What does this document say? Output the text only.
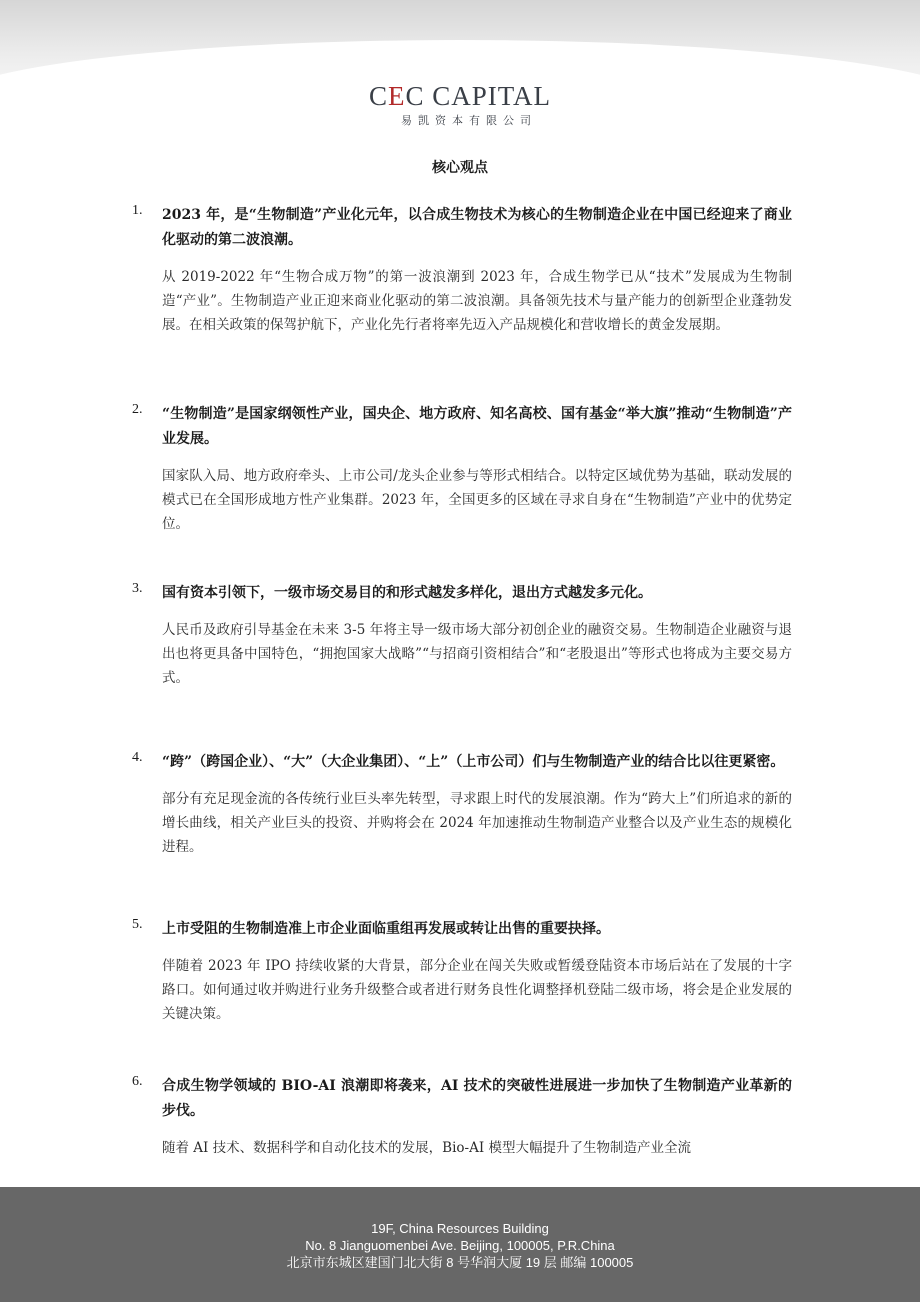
CEC CAPITAL
易凯资本有限公司
核心观点
1. 2023 年，是“生物制造”产业化元年，以合成生物技术为核心的生物制造企业在中国已经迎来了商业化驱动的第二波浪潮。
从 2019-2022 年“生物合成万物”的第一波浪潮到 2023 年，合成生物学已从“技术”发展成为生物制造“产业”。生物制造产业正迎来商业化驱动的第二波浪潮。具备领先技术与量产能力的创新型企业蓬勃发展。在相关政策的保驾护航下，产业化先行者将率先迈入产品规模化和营收增长的黄金发展期。
2. “生物制造”是国家纲领性产业，国央企、地方政府、知名高校、国有基金“举大旗”推动“生物制造”产业发展。
国家队入局、地方政府牵头、上市公司/龙头企业参与等形式相结合。以特定区域优势为基础，联动发展的模式已在全国形成地方性产业集群。2023 年，全国更多的区域在寻求自身在“生物制造”产业中的优势定位。
3. 国有资本引领下，一级市场交易目的和形式越发多样化，退出方式越发多元化。
人民币及政府引导基金在未来 3-5 年将主导一级市场大部分初创企业的融资交易。生物制造企业融资与退出也将更具备中国特色，“拥抱国家大战略”“与招商引资相结合”和“老股退出”等形式也将成为主要交易方式。
4. “跨”（跨国企业）、“大”（大企业集团）、“上”（上市公司）们与生物制造产业的结合比以往更紧密。
部分有充足现金流的各传统行业巨头率先转型，寻求跟上时代的发展浪潮。作为“跨大上”们所追求的新的增长曲线，相关产业巨头的投资、并购将会在 2024 年加速推动生物制造产业整合以及产业生态的规模化进程。
5. 上市受阻的生物制造准上市企业面临重组再发展或转让出售的重要抉择。
伴随着 2023 年 IPO 持续收紧的大背景，部分企业在闯关失败或暂缓登陆资本市场后站在了发展的十字路口。如何通过收并购进行业务升级整合或者进行财务良性化调整择机登陆二级市场，将会是企业发展的关键决策。
6. 合成生物学领域的 BIO-AI 浪潮即将袭来，AI 技术的突破性进展进一步加快了生物制造产业革新的步伐。
随着 AI 技术、数据科学和自动化技术的发展，Bio-AI 模型大幅提升了生物制造产业全流
19F, China Resources Building
No. 8 Jianguomenbei Ave. Beijing, 100005, P.R.China
北京市东城区建国门北大街 8 号华润大厦 19 层 邮编 100005
